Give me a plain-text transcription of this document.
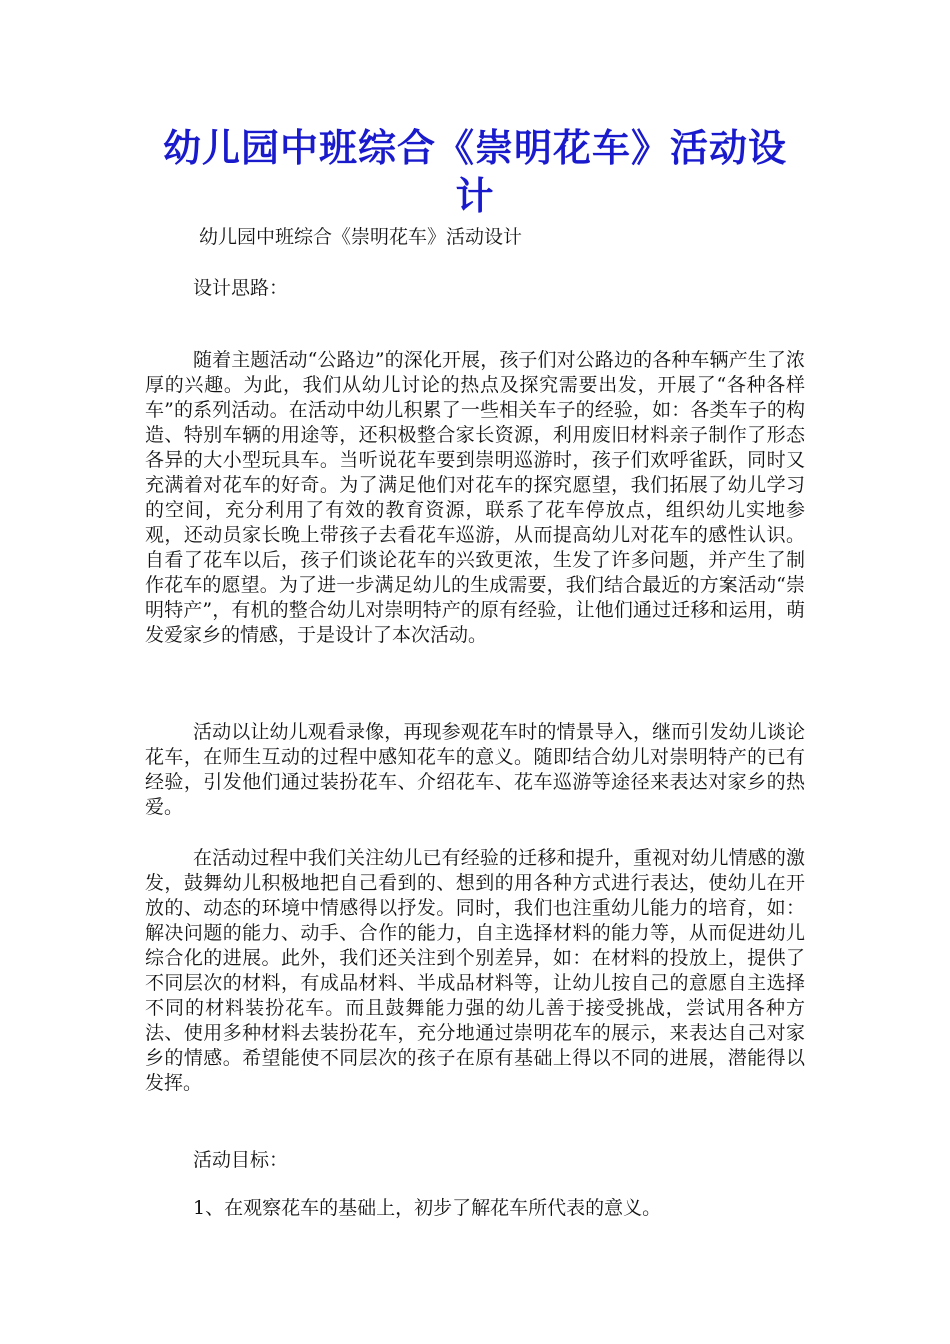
幼儿园中班综合《崇明花车》活动设计

幼儿园中班综合《崇明花车》活动设计

设计思路：

随着主题活动“公路边”的深化开展，孩子们对公路边的各种车辆产生了浓厚的兴趣。为此，我们从幼儿讨论的热点及探究需要出发，开展了“各种各样车”的系列活动。在活动中幼儿积累了一些相关车子的经验，如：各类车子的构造、特别车辆的用途等，还积极整合家长资源，利用废旧材料亲子制作了形态各异的大小型玩具车。当听说花车要到崇明巡游时，孩子们欢呼雀跃，同时又充满着对花车的好奇。为了满足他们对花车的探究愿望，我们拓展了幼儿学习的空间，充分利用了有效的教育资源，联系了花车停放点，组织幼儿实地参观，还动员家长晚上带孩子去看花车巡游，从而提高幼儿对花车的感性认识。自看了花车以后，孩子们谈论花车的兴致更浓，生发了许多问题，并产生了制作花车的愿望。为了进一步满足幼儿的生成需要，我们结合最近的方案活动“崇明特产”，有机的整合幼儿对崇明特产的原有经验，让他们通过迁移和运用，萌发爱家乡的情感，于是设计了本次活动。

活动以让幼儿观看录像，再现参观花车时的情景导入，继而引发幼儿谈论花车，在师生互动的过程中感知花车的意义。随即结合幼儿对崇明特产的已有经验，引发他们通过装扮花车、介绍花车、花车巡游等途径来表达对家乡的热爱。

在活动过程中我们关注幼儿已有经验的迁移和提升，重视对幼儿情感的激发，鼓舞幼儿积极地把自己看到的、想到的用各种方式进行表达，使幼儿在开放的、动态的环境中情感得以抒发。同时，我们也注重幼儿能力的培育，如：解决问题的能力、动手、合作的能力，自主选择材料的能力等，从而促进幼儿综合化的进展。此外，我们还关注到个别差异，如：在材料的投放上，提供了不同层次的材料，有成品材料、半成品材料等，让幼儿按自己的意愿自主选择不同的材料装扮花车。而且鼓舞能力强的幼儿善于接受挑战，尝试用各种方法、使用多种材料去装扮花车，充分地通过崇明花车的展示，来表达自己对家乡的情感。希望能使不同层次的孩子在原有基础上得以不同的进展，潜能得以发挥。

活动目标：

1、在观察花车的基础上，初步了解花车所代表的意义。
